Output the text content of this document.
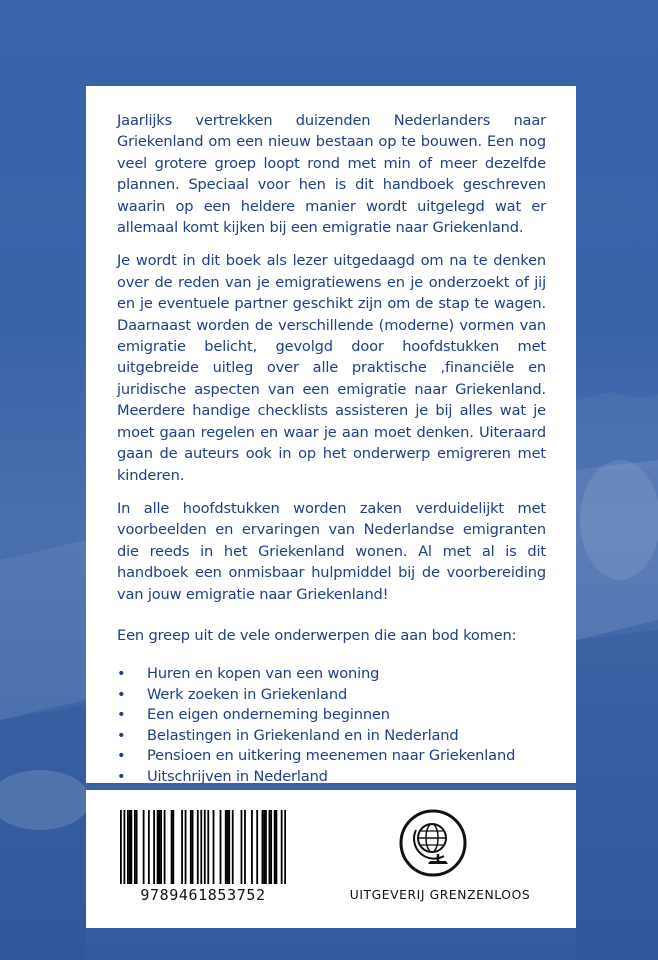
Jaarlijks vertrekken duizenden Nederlanders naar Griekenland om een nieuw bestaan op te bouwen. Een nog veel grotere groep loopt rond met min of meer dezelfde plannen. Speciaal voor hen is dit handboek geschreven waarin op een heldere manier wordt uitgelegd wat er allemaal komt kijken bij een emigratie naar Griekenland.

Je wordt in dit boek als lezer uitgedaagd om na te denken over de reden van je emigratiewens en je onderzoekt of jij en je eventuele partner geschikt zijn om de stap te wagen. Daarnaast worden de verschillende (moderne) vormen van emigratie belicht, gevolgd door hoofdstukken met uitgebreide uitleg over alle praktische ,financiële en juridische aspecten van een emigratie naar Griekenland. Meerdere handige checklists assisteren je bij alles wat je moet gaan regelen en waar je aan moet denken. Uiteraard gaan de auteurs ook in op het onderwerp emigreren met kinderen.

In alle hoofdstukken worden zaken verduidelijkt met voorbeelden en ervaringen van Nederlandse emigranten die reeds in het Griekenland wonen. Al met al is dit handboek een onmisbaar hulpmiddel bij de voorbereiding van jouw emigratie naar Griekenland!

Een greep uit de vele onderwerpen die aan bod komen:

• Huren en kopen van een woning
• Werk zoeken in Griekenland
• Een eigen onderneming beginnen
• Belastingen in Griekenland en in Nederland
• Pensioen en uitkering meenemen naar Griekenland
• Uitschrijven in Nederland
9789461853752	UITGEVERIJ GRENZENLOOS
